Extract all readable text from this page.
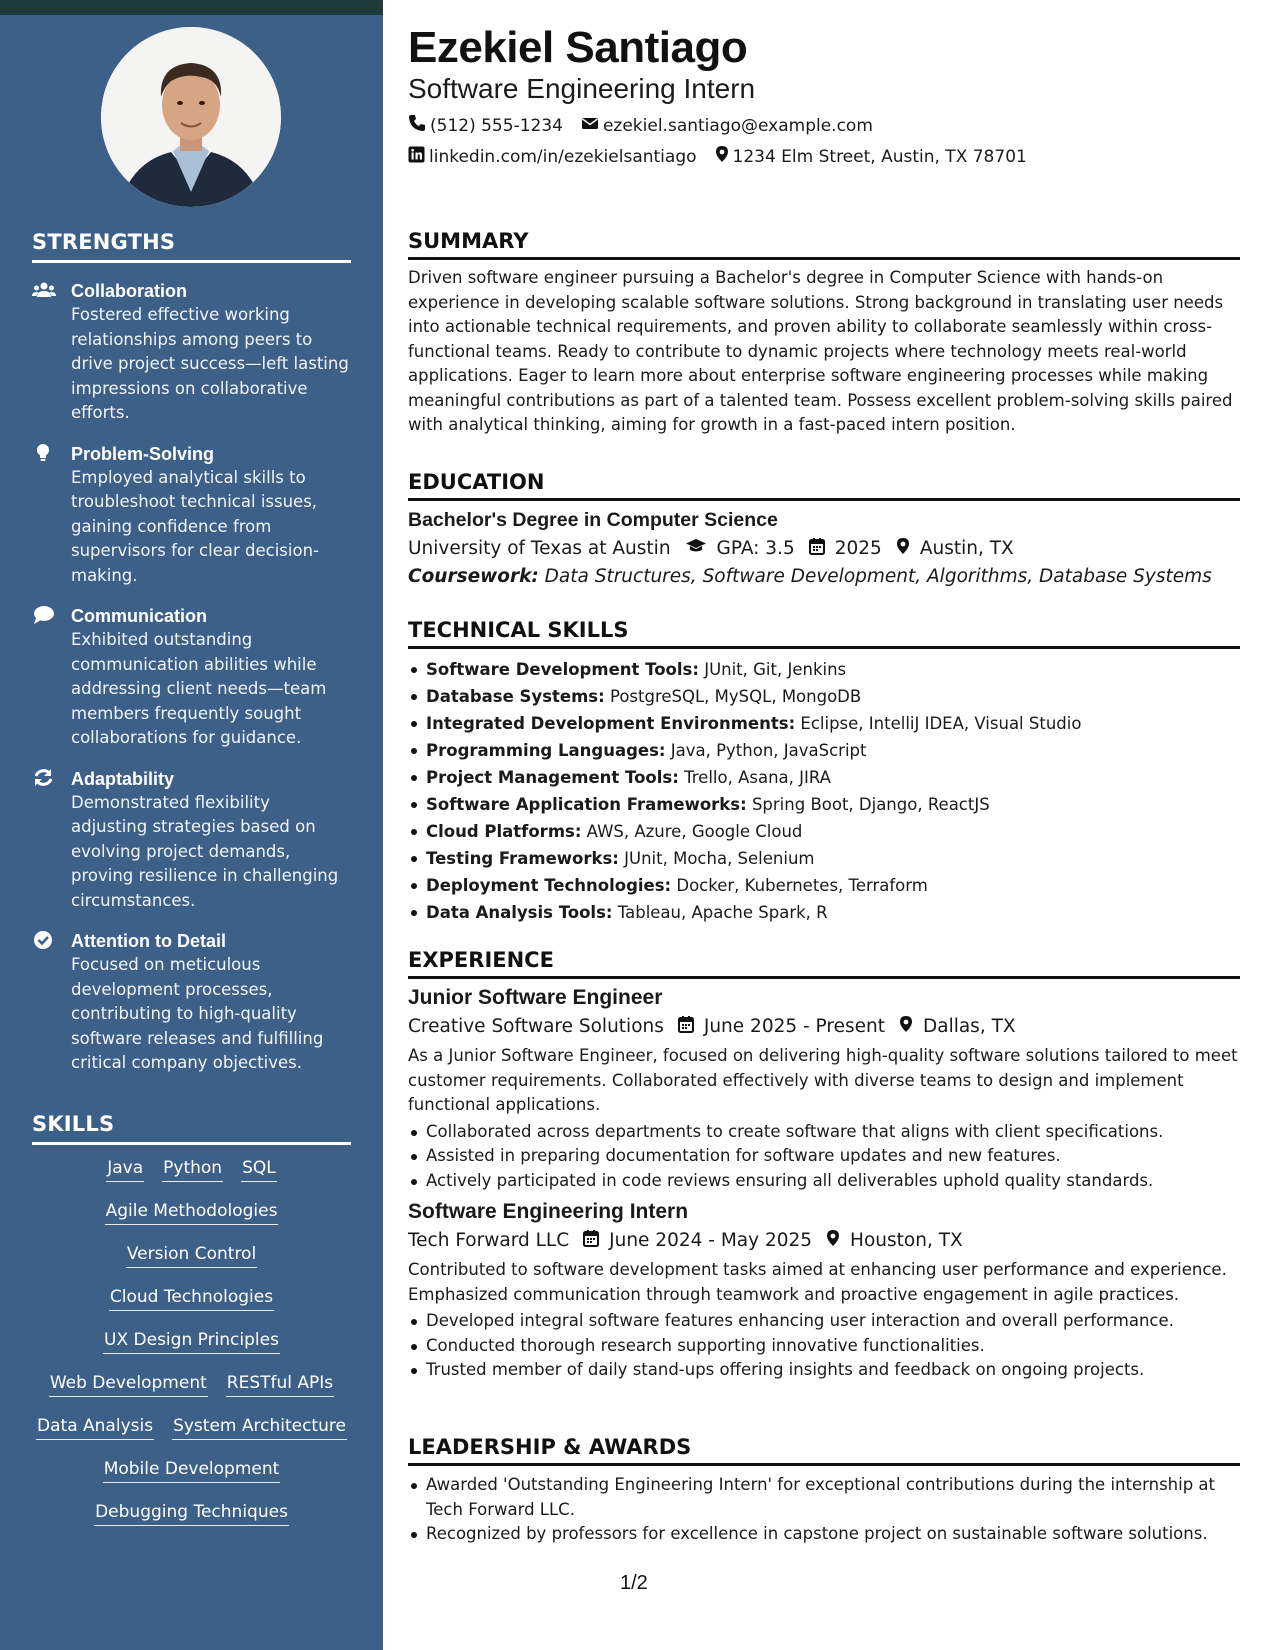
STRENGTHS
Collaboration
Fostered effective working relationships among peers to drive project success—left lasting impressions on collaborative efforts.
Problem-Solving
Employed analytical skills to troubleshoot technical issues, gaining confidence from supervisors for clear decision-making.
Communication
Exhibited outstanding communication abilities while addressing client needs—team members frequently sought collaborations for guidance.
Adaptability
Demonstrated flexibility adjusting strategies based on evolving project demands, proving resilience in challenging circumstances.
Attention to Detail
Focused on meticulous development processes, contributing to high-quality software releases and fulfilling critical company objectives.
SKILLS
Java Python SQL
Agile Methodologies
Version Control
Cloud Technologies
UX Design Principles
Web Development RESTful APIs
Data Analysis System Architecture
Mobile Development
Debugging Techniques
Ezekiel Santiago
Software Engineering Intern
(512) 555-1234 ezekiel.santiago@example.com
linkedin.com/in/ezekielsantiago 1234 Elm Street, Austin, TX 78701
SUMMARY
Driven software engineer pursuing a Bachelor's degree in Computer Science with hands-on experience in developing scalable software solutions. Strong background in translating user needs into actionable technical requirements, and proven ability to collaborate seamlessly within cross-functional teams. Ready to contribute to dynamic projects where technology meets real-world applications. Eager to learn more about enterprise software engineering processes while making meaningful contributions as part of a talented team. Possess excellent problem-solving skills paired with analytical thinking, aiming for growth in a fast-paced intern position.
EDUCATION
Bachelor's Degree in Computer Science
University of Texas at Austin GPA: 3.5 2025 Austin, TX
Coursework: Data Structures, Software Development, Algorithms, Database Systems
TECHNICAL SKILLS
Software Development Tools: JUnit, Git, Jenkins
Database Systems: PostgreSQL, MySQL, MongoDB
Integrated Development Environments: Eclipse, IntelliJ IDEA, Visual Studio
Programming Languages: Java, Python, JavaScript
Project Management Tools: Trello, Asana, JIRA
Software Application Frameworks: Spring Boot, Django, ReactJS
Cloud Platforms: AWS, Azure, Google Cloud
Testing Frameworks: JUnit, Mocha, Selenium
Deployment Technologies: Docker, Kubernetes, Terraform
Data Analysis Tools: Tableau, Apache Spark, R
EXPERIENCE
Junior Software Engineer
Creative Software Solutions June 2025 - Present Dallas, TX
As a Junior Software Engineer, focused on delivering high-quality software solutions tailored to meet customer requirements. Collaborated effectively with diverse teams to design and implement functional applications.
Collaborated across departments to create software that aligns with client specifications.
Assisted in preparing documentation for software updates and new features.
Actively participated in code reviews ensuring all deliverables uphold quality standards.
Software Engineering Intern
Tech Forward LLC June 2024 - May 2025 Houston, TX
Contributed to software development tasks aimed at enhancing user performance and experience. Emphasized communication through teamwork and proactive engagement in agile practices.
Developed integral software features enhancing user interaction and overall performance.
Conducted thorough research supporting innovative functionalities.
Trusted member of daily stand-ups offering insights and feedback on ongoing projects.
LEADERSHIP & AWARDS
Awarded 'Outstanding Engineering Intern' for exceptional contributions during the internship at Tech Forward LLC.
Recognized by professors for excellence in capstone project on sustainable software solutions.
1/2
